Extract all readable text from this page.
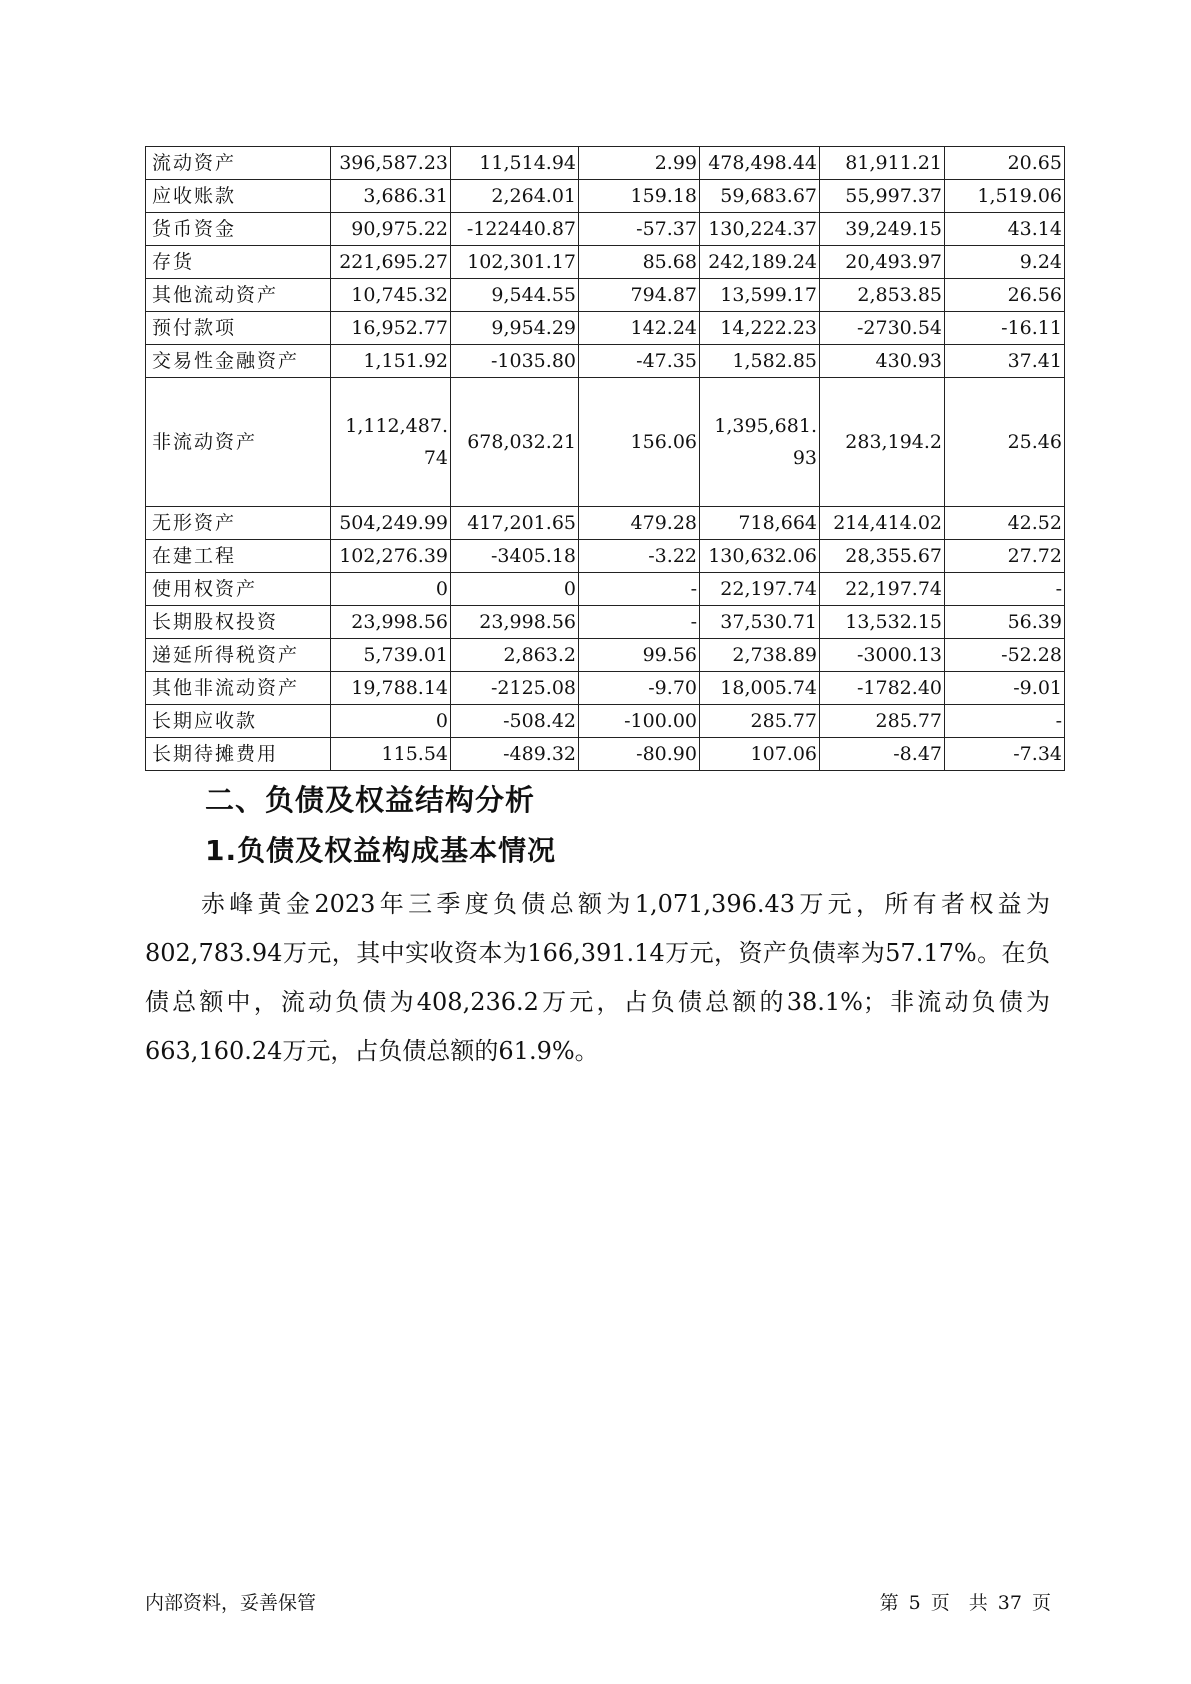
流动资产	396,587.23	11,514.94	2.99	478,498.44	81,911.21	20.65
应收账款	3,686.31	2,264.01	159.18	59,683.67	55,997.37	1,519.06
货币资金	90,975.22	-122440.87	-57.37	130,224.37	39,249.15	43.14
存货	221,695.27	102,301.17	85.68	242,189.24	20,493.97	9.24
其他流动资产	10,745.32	9,544.55	794.87	13,599.17	2,853.85	26.56
预付款项	16,952.77	9,954.29	142.24	14,222.23	-2730.54	-16.11
交易性金融资产	1,151.92	-1035.80	-47.35	1,582.85	430.93	37.41
非流动资产	1,112,487.74	678,032.21	156.06	1,395,681.93	283,194.2	25.46
无形资产	504,249.99	417,201.65	479.28	718,664	214,414.02	42.52
在建工程	102,276.39	-3405.18	-3.22	130,632.06	28,355.67	27.72
使用权资产	0	0	-	22,197.74	22,197.74	-
长期股权投资	23,998.56	23,998.56	-	37,530.71	13,532.15	56.39
递延所得税资产	5,739.01	2,863.2	99.56	2,738.89	-3000.13	-52.28
其他非流动资产	19,788.14	-2125.08	-9.70	18,005.74	-1782.40	-9.01
长期应收款	0	-508.42	-100.00	285.77	285.77	-
长期待摊费用	115.54	-489.32	-80.90	107.06	-8.47	-7.34
二、负债及权益结构分析
1.负债及权益构成基本情况
赤峰黄金2023年三季度负债总额为1,071,396.43万元，所有者权益为802,783.94万元，其中实收资本为166,391.14万元，资产负债率为57.17%。在负债总额中，流动负债为408,236.2万元，占负债总额的38.1%；非流动负债为663,160.24万元，占负债总额的61.9%。
内部资料，妥善保管	第 5 页　共 37 页
